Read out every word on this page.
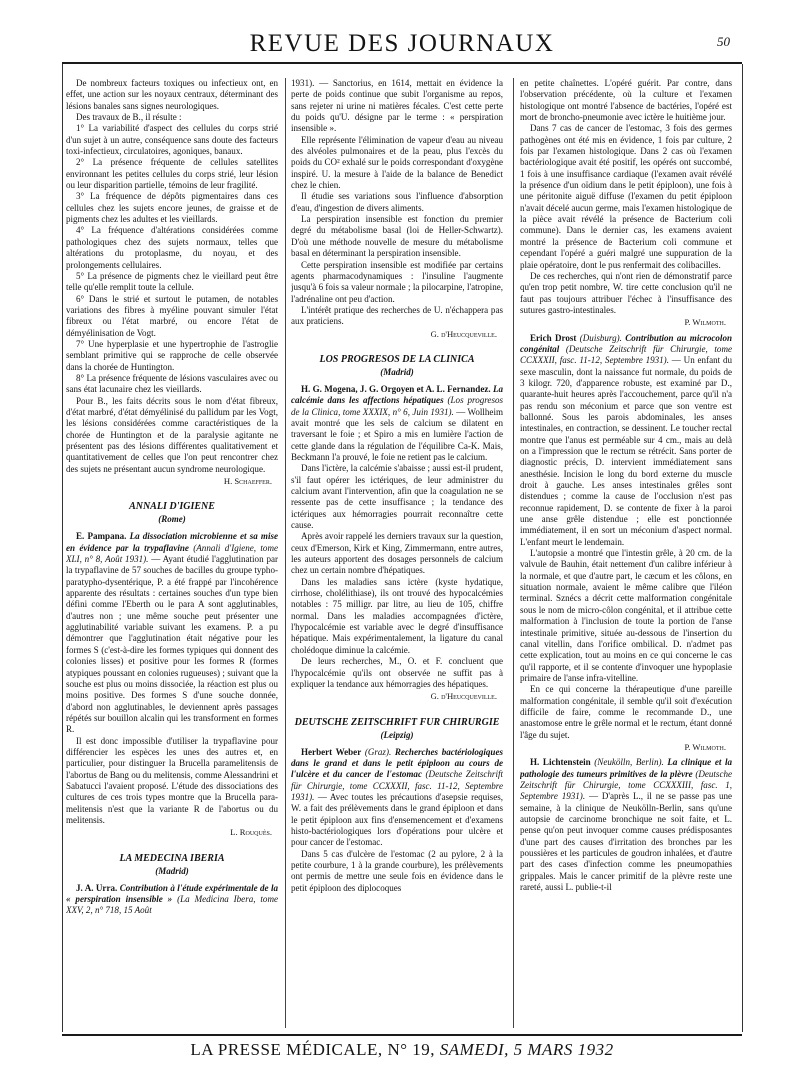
REVUE DES JOURNAUX	50

De nombreux facteurs toxiques ou infectieux ont, en effet, une action sur les noyaux centraux, déterminant des lésions banales sans signes neurologiques.

Des travaux de B., il résulte :

1° La variabilité d'aspect des cellules du corps strié d'un sujet à un autre, conséquence sans doute des facteurs toxi-infectieux, circulatoires, agoniques, banaux.

2° La présence fréquente de cellules satellites environnant les petites cellules du corps strié, leur lésion ou leur disparition partielle, témoins de leur fragilité.

3° La fréquence de dépôts pigmentaires dans ces cellules chez les sujets encore jeunes, de graisse et de pigments chez les adultes et les vieillards.

4° La fréquence d'altérations considérées comme pathologiques chez des sujets normaux, telles que altérations du protoplasme, du noyau, et des prolongements cellulaires.

5° La présence de pigments chez le vieillard peut être telle qu'elle remplit toute la cellule.

6° Dans le strié et surtout le putamen, de notables variations des fibres à myéline pouvant simuler l'état fibreux ou l'état marbré, ou encore l'état de démyélinisation de Vogt.

7° Une hyperplasie et une hypertrophie de l'astroglie semblant primitive qui se rapproche de celle observée dans la chorée de Huntington.

8° La présence fréquente de lésions vasculaires avec ou sans état lacunaire chez les vieillards.

Pour B., les faits décrits sous le nom d'état fibreux, d'état marbré, d'état démyélinisé du pallidum par les Vogt, les lésions considérées comme caractéristiques de la chorée de Huntington et de la paralysie agitante ne présentent pas des lésions différentes qualitativement et quantitativement de celles que l'on peut rencontrer chez des sujets ne présentant aucun syndrome neurologique.

H. Schaeffer.
ANNALI D'IGIENE
(Rome)

E. Pampana. La dissociation microbienne et sa mise en évidence par la trypaflavine (Annali d'Igiene, tome XLI, n° 8, Août 1931). — Ayant étudié l'agglutination par la trypaflavine de 57 souches de bacilles du groupe typho-paratypho-dysentérique, P. a été frappé par l'incohérence apparente des résultats : certaines souches d'un type bien défini comme l'Eberth ou le para A sont agglutinables, d'autres non ; une même souche peut présenter une agglutinabilité variable suivant les examens. P. a pu démontrer que l'agglutination était négative pour les formes S (c'est-à-dire les formes typiques qui donnent des colonies lisses) et positive pour les formes R (formes atypiques poussant en colonies rugueuses) ; suivant que la souche est plus ou moins dissociée, la réaction est plus ou moins positive. Des formes S d'une souche donnée, d'abord non agglutinables, le deviennent après passages répétés sur bouillon alcalin qui les transforment en formes R.

Il est donc impossible d'utiliser la trypaflavine pour différencier les espèces les unes des autres et, en particulier, pour distinguer la Brucella paramelitensis de l'abortus de Bang ou du melitensis, comme Alessandrini et Sabatucci l'avaient proposé. L'étude des dissociations des cultures de ces trois types montre que la Brucella para-melitensis n'est que la variante R de l'abortus ou du melitensis.

L. Rouquès.
LA MEDECINA IBERIA
(Madrid)

J. A. Urra. Contribution à l'étude expérimentale de la « perspiration insensible » (La Medicina Ibera, tome XXV, 2, n° 718, 15 Août

1931). — Sanctorius, en 1614, mettait en évidence la perte de poids continue que subit l'organisme au repos, sans rejeter ni urine ni matières fécales. C'est cette perte du poids qu'U. désigne par le terme : « perspiration insensible ».

Elle représente l'élimination de vapeur d'eau au niveau des alvéoles pulmonaires et de la peau, plus l'excès du poids du CO² exhalé sur le poids correspondant d'oxygène inspiré. U. la mesure à l'aide de la balance de Benedict chez le chien.

Il étudie ses variations sous l'influence d'absorption d'eau, d'ingestion de divers aliments.

La perspiration insensible est fonction du premier degré du métabolisme basal (loi de Heller-Schwartz). D'où une méthode nouvelle de mesure du métabolisme basal en déterminant la perspiration insensible.

Cette perspiration insensible est modifiée par certains agents pharmacodynamiques : l'insuline l'augmente jusqu'à 6 fois sa valeur normale ; la pilocarpine, l'atropine, l'adrénaline ont peu d'action.

L'intérêt pratique des recherches de U. n'échappera pas aux praticiens.

G. d'Heucqueville.
LOS PROGRESOS DE LA CLINICA
(Madrid)

H. G. Mogena, J. G. Orgoyen et A. L. Fernandez. La calcémie dans les affections hépatiques (Los progresos de la Clinica, tome XXXIX, n° 6, Juin 1931). — Wollheim avait montré que les sels de calcium se dilatent en traversant le foie ; et Spiro a mis en lumière l'action de cette glande dans la régulation de l'équilibre Ca-K. Mais, Beckmann l'a prouvé, le foie ne retient pas le calcium.

Dans l'ictère, la calcémie s'abaisse ; aussi est-il prudent, s'il faut opérer les ictériques, de leur administrer du calcium avant l'intervention, afin que la coagulation ne se ressente pas de cette insuffisance ; la tendance des ictériques aux hémorragies pourrait reconnaître cette cause.

Après avoir rappelé les derniers travaux sur la question, ceux d'Emerson, Kirk et King, Zimmermann, entre autres, les auteurs apportent des dosages personnels de calcium chez un certain nombre d'hépatiques.

Dans les maladies sans ictère (kyste hydatique, cirrhose, cholélithiase), ils ont trouvé des hypocalcémies notables : 75 milligr. par litre, au lieu de 105, chiffre normal. Dans les maladies accompagnées d'ictère, l'hypocalcémie est variable avec le degré d'insuffisance hépatique. Mais expérimentalement, la ligature du canal cholédoque diminue la calcémie.

De leurs recherches, M., O. et F. concluent que l'hypocalcémie qu'ils ont observée ne suffit pas à expliquer la tendance aux hémorragies des hépatiques.

G. d'Heucqueville.
DEUTSCHE ZEITSCHRIFT FUR CHIRURGIE
(Leipzig)

Herbert Weber (Graz). Recherches bactériologiques dans le grand et dans le petit épiploon au cours de l'ulcère et du cancer de l'estomac (Deutsche Zeitschrift für Chirurgie, tome CCXXXII, fasc. 11-12, Septembre 1931). — Avec toutes les précautions d'asepsie requises, W. a fait des prélèvements dans le grand épiploon et dans le petit épiploon aux fins d'ensemencement et d'examens histo-bactériologiques lors d'opérations pour ulcère et pour cancer de l'estomac.

Dans 5 cas d'ulcère de l'estomac (2 au pylore, 2 à la petite courbure, 1 à la grande courbure), les prélèvements ont permis de mettre une seule fois en évidence dans le petit épiploon des diplocoques

en petite chaînettes. L'opéré guérit. Par contre, dans l'observation précédente, où la culture et l'examen histologique ont montré l'absence de bactéries, l'opéré est mort de broncho-pneumonie avec ictère le huitième jour.

Dans 7 cas de cancer de l'estomac, 3 fois des germes pathogènes ont été mis en évidence, 1 fois par culture, 2 fois par l'examen histologique. Dans 2 cas où l'examen bactériologique avait été positif, les opérés ont succombé, 1 fois à une insuffisance cardiaque (l'examen avait révélé la présence d'un oïdium dans le petit épiploon), une fois à une péritonite aiguë diffuse (l'examen du petit épiploon n'avait décelé aucun germe, mais l'examen histologique de la pièce avait révélé la présence de Bacterium coli commune). Dans le dernier cas, les examens avaient montré la présence de Bacterium coli commune et cependant l'opéré a guéri malgré une suppuration de la plaie opératoire, dont le pus renfermait des colibacilles.

De ces recherches, qui n'ont rien de démonstratif parce qu'en trop petit nombre, W. tire cette conclusion qu'il ne faut pas toujours attribuer l'échec à l'insuffisance des sutures gastro-intestinales.

P. Wilmoth.

Erich Drost (Duisburg). Contribution au microcolon congénital (Deutsche Zeitschrift für Chirurgie, tome CCXXXII, fasc. 11-12, Septembre 1931). — Un enfant du sexe masculin, dont la naissance fut normale, du poids de 3 kilogr. 720, d'apparence robuste, est examiné par D., quarante-huit heures après l'accouchement, parce qu'il n'a pas rendu son méconium et parce que son ventre est ballonné. Sous les parois abdominales, les anses intestinales, en contraction, se dessinent. Le toucher rectal montre que l'anus est perméable sur 4 cm., mais au delà on a l'impression que le rectum se rétrécit. Sans porter de diagnostic précis, D. intervient immédiatement sans anesthésie. Incision le long du bord externe du muscle droit à gauche. Les anses intestinales grêles sont distendues ; comme la cause de l'occlusion n'est pas reconnue rapidement, D. se contente de fixer à la paroi une anse grêle distendue ; elle est ponctionnée immédiatement, il en sort un méconium d'aspect normal. L'enfant meurt le lendemain.

L'autopsie a montré que l'intestin grêle, à 20 cm. de la valvule de Bauhin, était nettement d'un calibre inférieur à la normale, et que d'autre part, le cæcum et les côlons, en situation normale, avaient le même calibre que l'iléon terminal. Sznécs a décrit cette malformation congénitale sous le nom de micro-côlon congénital, et il attribue cette malformation à l'inclusion de toute la portion de l'anse intestinale primitive, située au-dessous de l'insertion du canal vitellin, dans l'orifice ombilical. D. n'admet pas cette explication, tout au moins en ce qui concerne le cas qu'il rapporte, et il se contente d'invoquer une hypoplasie primaire de l'anse infra-vitelline.

En ce qui concerne la thérapeutique d'une pareille malformation congénitale, il semble qu'il soit d'exécution difficile de faire, comme le recommande D., une anastomose entre le grêle normal et le rectum, étant donné l'âge du sujet.

P. Wilmoth.

H. Lichtenstein (Neukölln, Berlin). La clinique et la pathologie des tumeurs primitives de la plèvre (Deutsche Zeitschrift für Chirurgie, tome CCXXXIII, fasc. 1, Septembre 1931). — D'après L., il ne se passe pas une semaine, à la clinique de Neukölln-Berlin, sans qu'une autopsie de carcinome bronchique ne soit faite, et L. pense qu'on peut invoquer comme causes prédisposantes d'une part des causes d'irritation des bronches par les poussières et les particules de goudron inhalées, et d'autre part des cases d'infection comme les pneumopathies grippales. Mais le cancer primitif de la plèvre reste une rareté, aussi L. publie-t-il

LA PRESSE MÉDICALE, N° 19, SAMEDI, 5 MARS 1932
